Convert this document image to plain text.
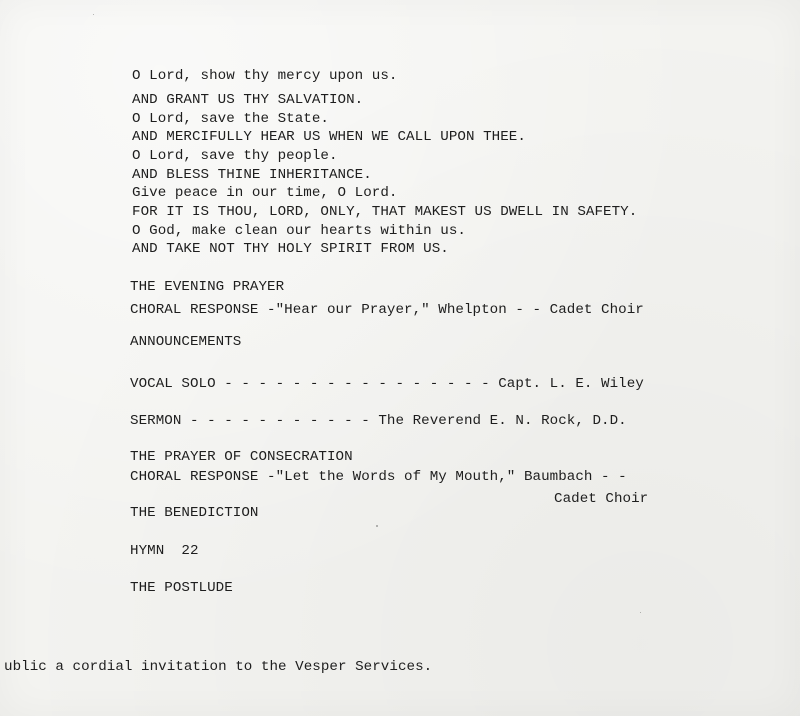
O Lord, show thy mercy upon us.
AND GRANT US THY SALVATION.
O Lord, save the State.
AND MERCIFULLY HEAR US WHEN WE CALL UPON THEE.
O Lord, save thy people.
AND BLESS THINE INHERITANCE.
Give peace in our time, O Lord.
FOR IT IS THOU, LORD, ONLY, THAT MAKEST US DWELL IN SAFETY.
O God, make clean our hearts within us.
AND TAKE NOT THY HOLY SPIRIT FROM US.
THE EVENING PRAYER
CHORAL RESPONSE -"Hear our Prayer," Whelpton - - Cadet Choir
ANNOUNCEMENTS
VOCAL SOLO - - - - - - - - - - - - - - - - Capt. L. E. Wiley
SERMON - - - - - - - - - - - The Reverend E. N. Rock, D.D.
THE PRAYER OF CONSECRATION
CHORAL RESPONSE -"Let the Words of My Mouth," Baumbach - -
Cadet Choir
THE BENEDICTION
HYMN  22
THE POSTLUDE
ublic a cordial invitation to the Vesper Services.
